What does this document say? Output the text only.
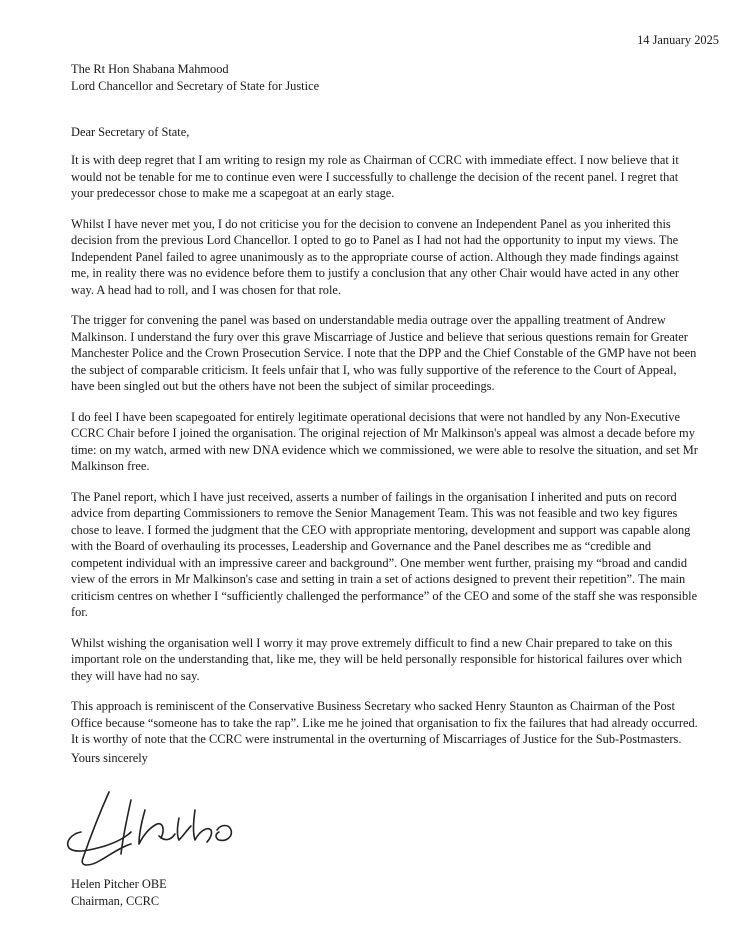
14 January 2025

The Rt Hon Shabana Mahmood
Lord Chancellor and Secretary of State for Justice

Dear Secretary of State,

It is with deep regret that I am writing to resign my role as Chairman of CCRC with immediate effect. I now believe that it would not be tenable for me to continue even were I successfully to challenge the decision of the recent panel. I regret that your predecessor chose to make me a scapegoat at an early stage.

Whilst I have never met you, I do not criticise you for the decision to convene an Independent Panel as you inherited this decision from the previous Lord Chancellor. I opted to go to Panel as I had not had the opportunity to input my views. The Independent Panel failed to agree unanimously as to the appropriate course of action. Although they made findings against me, in reality there was no evidence before them to justify a conclusion that any other Chair would have acted in any other way. A head had to roll, and I was chosen for that role.

The trigger for convening the panel was based on understandable media outrage over the appalling treatment of Andrew Malkinson. I understand the fury over this grave Miscarriage of Justice and believe that serious questions remain for Greater Manchester Police and the Crown Prosecution Service. I note that the DPP and the Chief Constable of the GMP have not been the subject of comparable criticism. It feels unfair that I, who was fully supportive of the reference to the Court of Appeal, have been singled out but the others have not been the subject of similar proceedings.

I do feel I have been scapegoated for entirely legitimate operational decisions that were not handled by any Non-Executive CCRC Chair before I joined the organisation. The original rejection of Mr Malkinson's appeal was almost a decade before my time: on my watch, armed with new DNA evidence which we commissioned, we were able to resolve the situation, and set Mr Malkinson free.

The Panel report, which I have just received, asserts a number of failings in the organisation I inherited and puts on record advice from departing Commissioners to remove the Senior Management Team. This was not feasible and two key figures chose to leave. I formed the judgment that the CEO with appropriate mentoring, development and support was capable along with the Board of overhauling its processes, Leadership and Governance and the Panel describes me as “credible and competent individual with an impressive career and background”. One member went further, praising my “broad and candid view of the errors in Mr Malkinson's case and setting in train a set of actions designed to prevent their repetition”. The main criticism centres on whether I “sufficiently challenged the performance” of the CEO and some of the staff she was responsible for.

Whilst wishing the organisation well I worry it may prove extremely difficult to find a new Chair prepared to take on this important role on the understanding that, like me, they will be held personally responsible for historical failures over which they will have had no say.

This approach is reminiscent of the Conservative Business Secretary who sacked Henry Staunton as Chairman of the Post Office because “someone has to take the rap”. Like me he joined that organisation to fix the failures that had already occurred. It is worthy of note that the CCRC were instrumental in the overturning of Miscarriages of Justice for the Sub-Postmasters.

Yours sincerely

Helen Pitcher OBE
Chairman, CCRC
